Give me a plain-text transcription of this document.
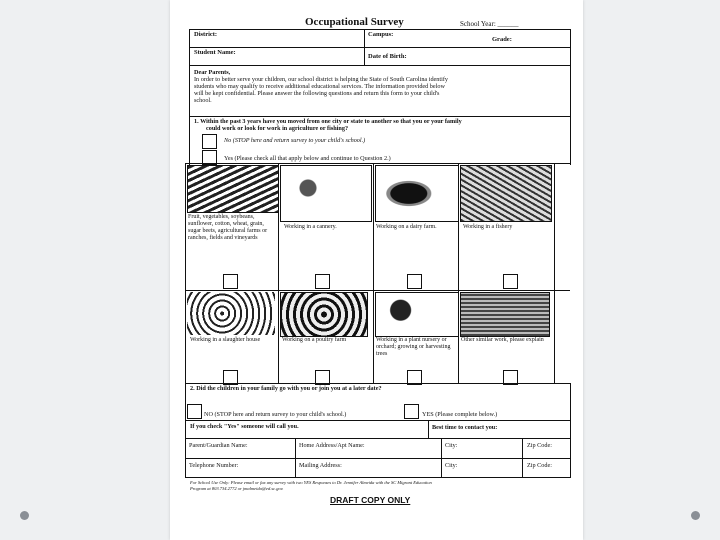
Occupational Survey	School Year: ______
District:	Campus:
Grade:
Student Name:
Date of Birth:
Dear Parents,
In order to better serve your children, our school district is helping the State of South Carolina identify
students who may qualify to receive additional educational services. The information provided below
will be kept confidential. Please answer the following questions and return this form to your child's
school.
1. Within the past 3 years have you moved from one city or state to another so that you or your family
could work or look for work in agriculture or fishing?
No (STOP here and return survey to your child's school.)
Yes (Please check all that apply below and continue to Question 2.)
Fruit, vegetables, soybeans, sunflower, cotton, wheat, grain, sugar beets, agricultural farms or ranches, fields and vineyards
Working in a cannery.	Working on a dairy farm.	Working in a fishery
Working in a slaughter house	Working on a poultry farm	Working in a plant nursery or orchard; growing or harvesting trees
Other similar work, please explain
2. Did the children in your family go with you or join you at a later date?
NO (STOP here and return survey to your child's school.)	YES (Please complete below.)
If you check "Yes" someone will call you.	Best time to contact you:
Parent/Guardian Name:	Home Address/Apt Name:	City:	Zip Code:
Telephone Number:	Mailing Address:	City:	Zip Code:
For School Use Only: Please email or fax any survey with two YES Responses to Dr. Jennifer Almeida with the SC Migrant Education
Program at 803.734.2772 or jmalmeida@ed.sc.gov.
DRAFT COPY ONLY
